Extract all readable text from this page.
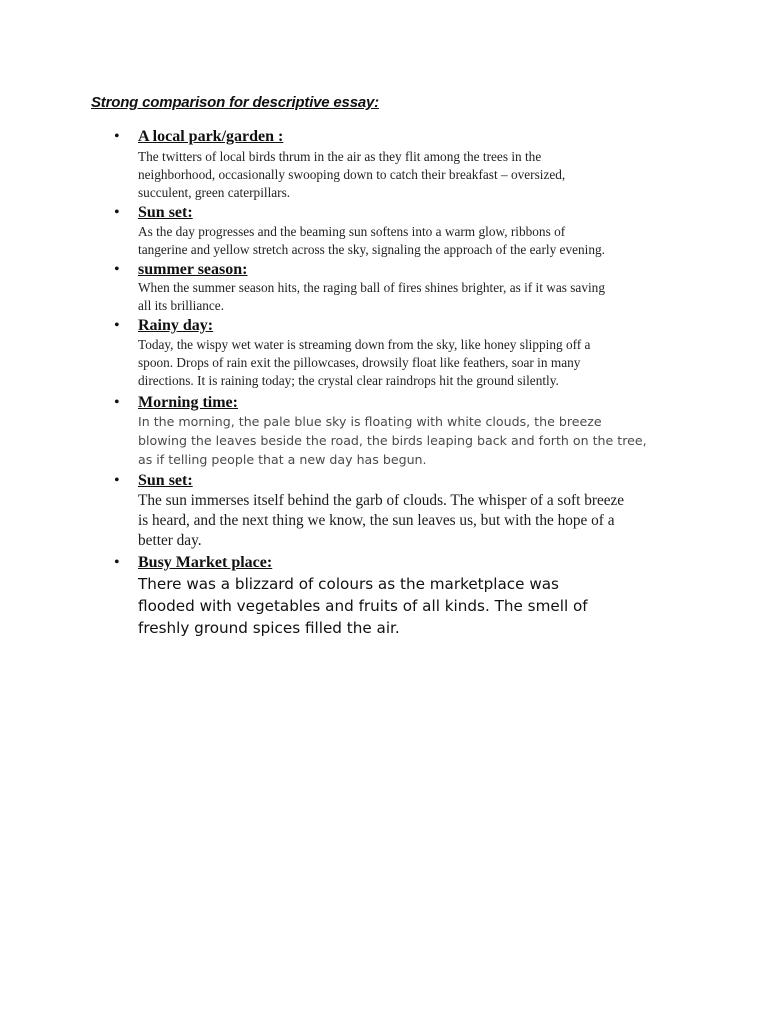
Strong comparison for descriptive essay:
• A local park/garden :

The twitters of local birds thrum in the air as they flit among the trees in the
neighborhood, occasionally swooping down to catch their breakfast – oversized,
succulent, green caterpillars.

• Sun set:

As the day progresses and the beaming sun softens into a warm glow, ribbons of
tangerine and yellow stretch across the sky, signaling the approach of the early evening.

• summer season:

When the summer season hits, the raging ball of fires shines brighter, as if it was saving
all its brilliance.

• Rainy day:

Today, the wispy wet water is streaming down from the sky, like honey slipping off a
spoon. Drops of rain exit the pillowcases, drowsily float like feathers, soar in many
directions. It is raining today; the crystal clear raindrops hit the ground silently.

• Morning time:

In the morning, the pale blue sky is floating with white clouds, the breeze
blowing the leaves beside the road, the birds leaping back and forth on the tree,
as if telling people that a new day has begun.

• Sun set:

The sun immerses itself behind the garb of clouds. The whisper of a soft breeze
is heard, and the next thing we know, the sun leaves us, but with the hope of a
better day.

• Busy Market place:

There was a blizzard of colours as the marketplace was
flooded with vegetables and fruits of all kinds. The smell of
freshly ground spices filled the air.
